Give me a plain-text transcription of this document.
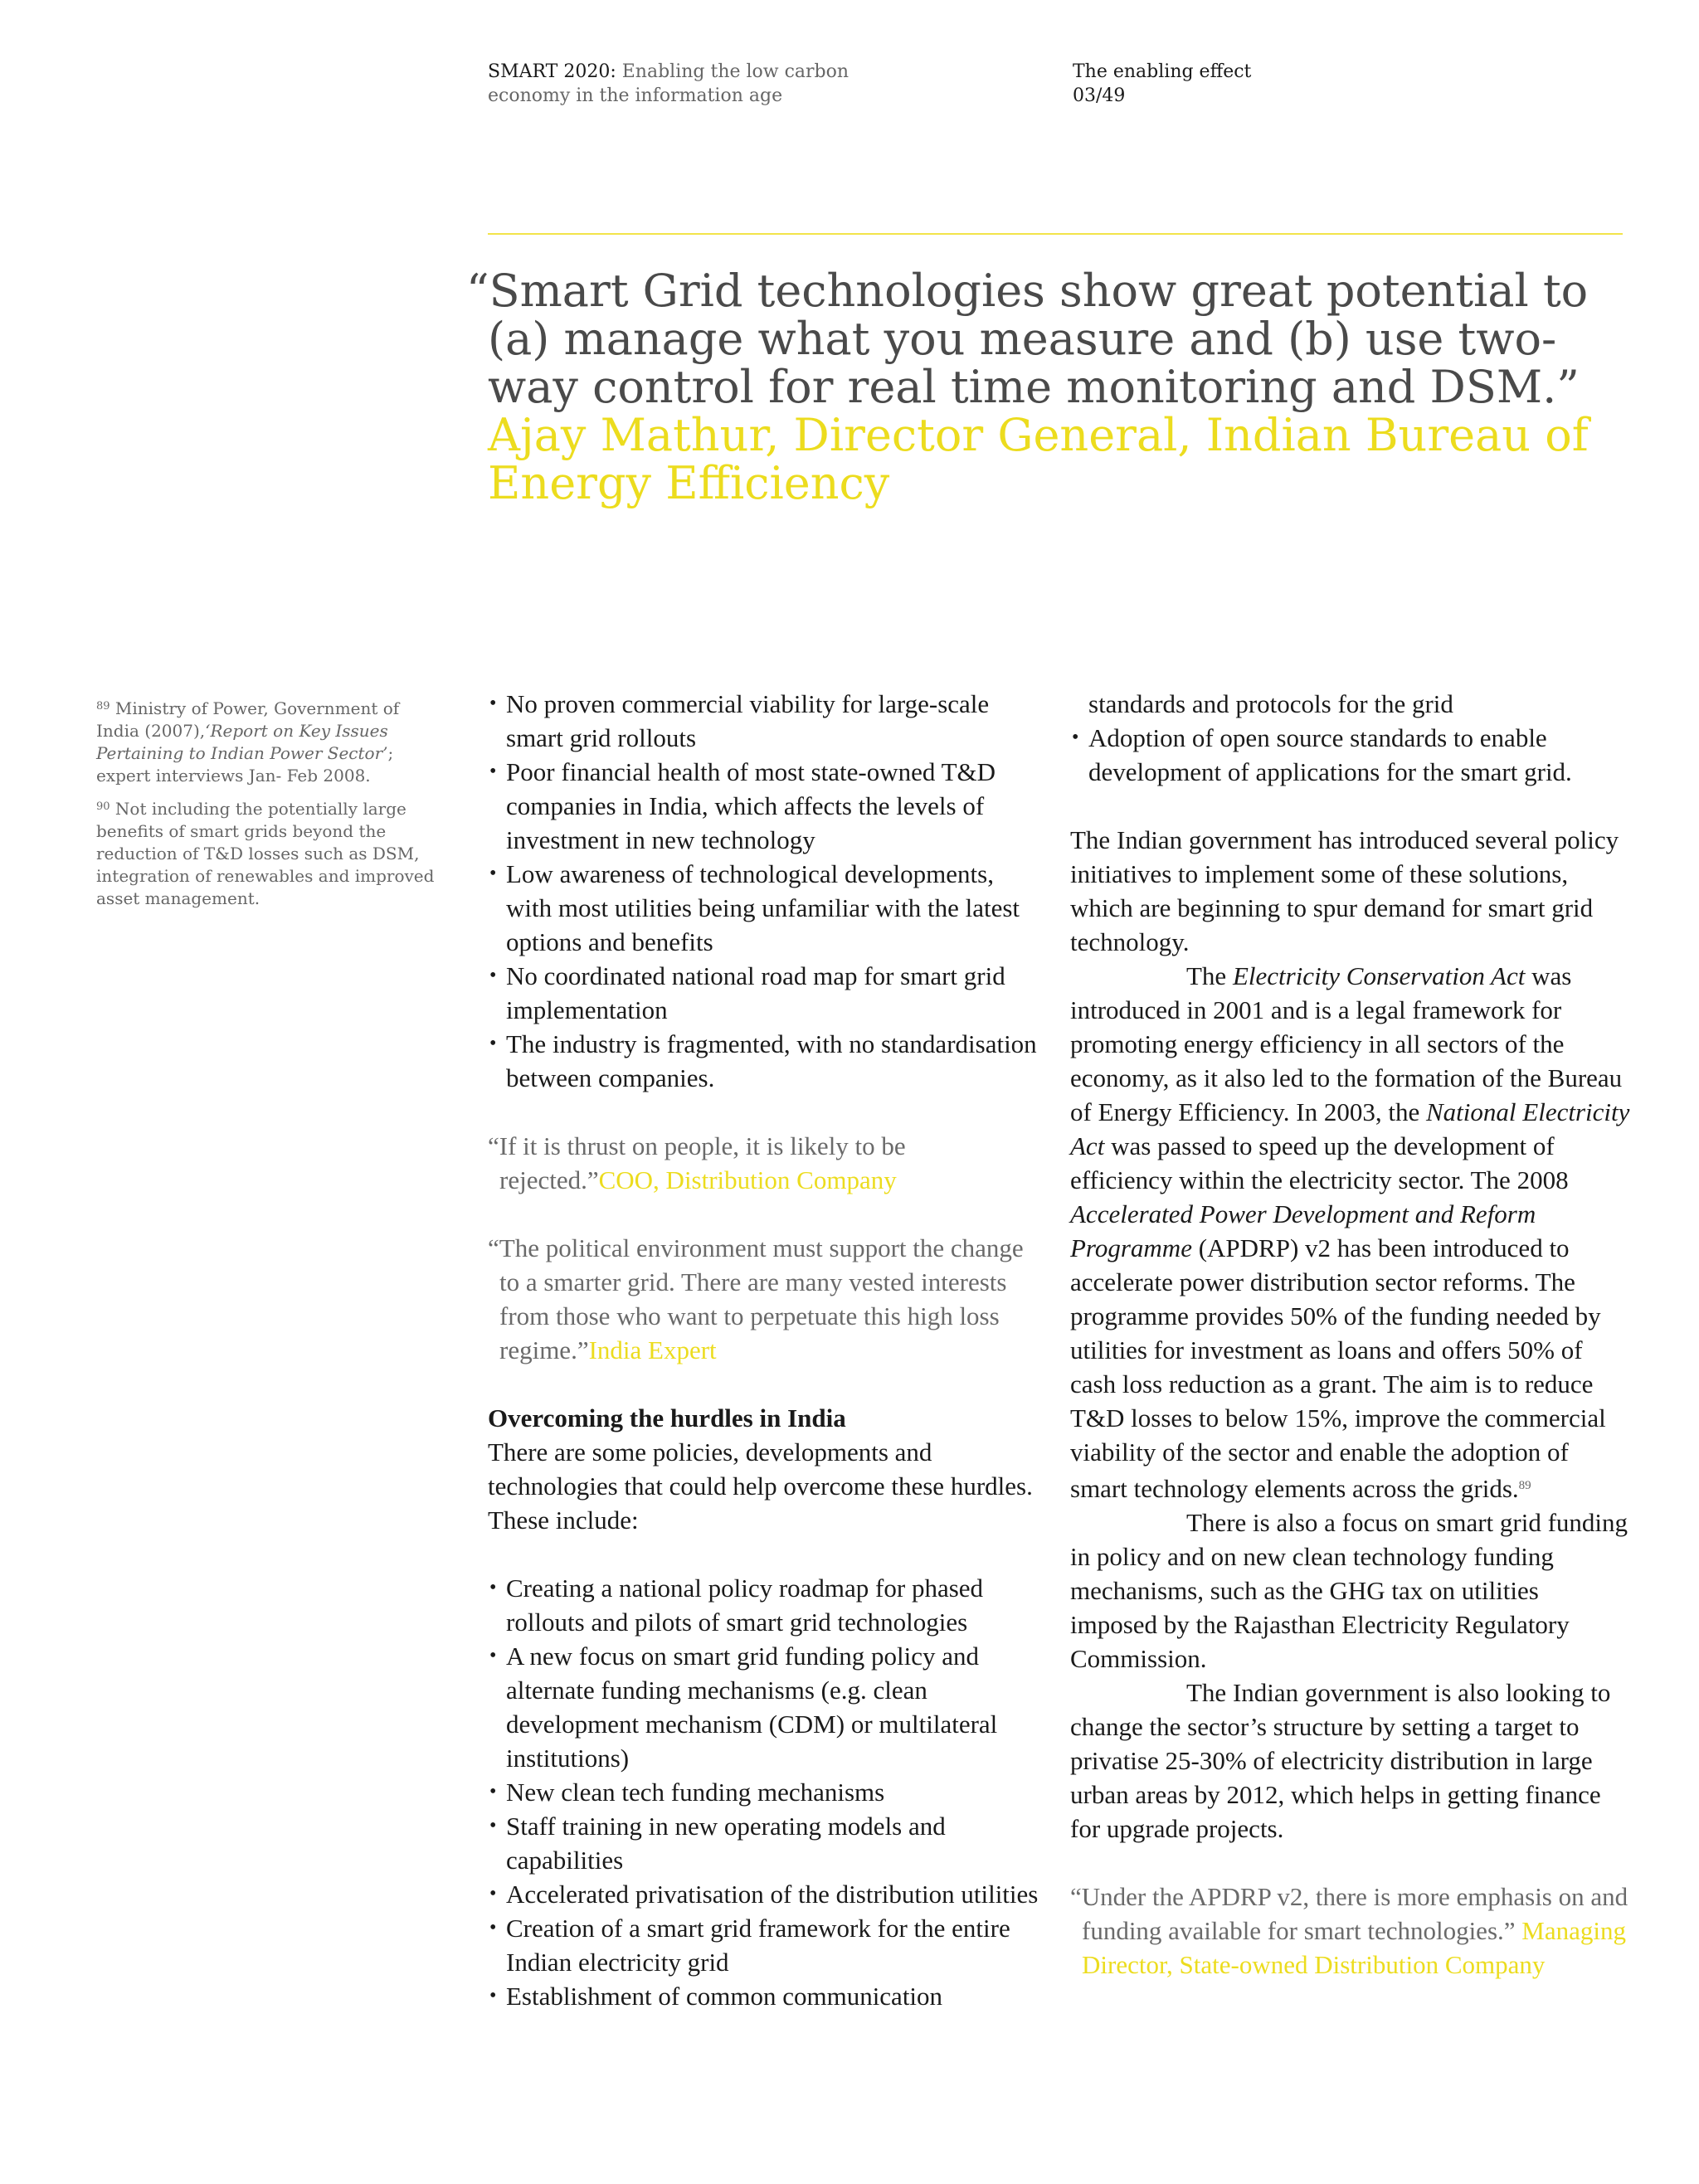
SMART 2020: Enabling the low carbon
economy in the information age
The enabling effect
03/49
“Smart Grid technologies show great potential to (a) manage what you measure and (b) use two-way control for real time monitoring and DSM.” Ajay Mathur, Director General, Indian Bureau of Energy Efficiency

$^{89}$ Ministry of Power, Government of India (2007),‘Report on Key Issues Pertaining to Indian Power Sector’; expert interviews Jan- Feb 2008.

$^{90}$ Not including the potentially large benefits of smart grids beyond the reduction of T&D losses such as DSM, integration of renewables and improved asset management.

• No proven commercial viability for large-scale smart grid rollouts
• Poor financial health of most state-owned T&D companies in India, which affects the levels of investment in new technology
• Low awareness of technological developments, with most utilities being unfamiliar with the latest options and benefits
• No coordinated national road map for smart grid implementation
• The industry is fragmented, with no standardisation between companies.

“If it is thrust on people, it is likely to be rejected.”COO, Distribution Company

“The political environment must support the change to a smarter grid. There are many vested interests from those who want to perpetuate this high loss regime.”India Expert

Overcoming the hurdles in India

There are some policies, developments and technologies that could help overcome these hurdles. These include:

• Creating a national policy roadmap for phased rollouts and pilots of smart grid technologies
• A new focus on smart grid funding policy and alternate funding mechanisms (e.g. clean development mechanism (CDM) or multilateral institutions)
• New clean tech funding mechanisms
• Staff training in new operating models and capabilities
• Accelerated privatisation of the distribution utilities
• Creation of a smart grid framework for the entire Indian electricity grid
• Establishment of common communication

standards and protocols for the grid

• Adoption of open source standards to enable development of applications for the smart grid.

The Indian government has introduced several policy initiatives to implement some of these solutions, which are beginning to spur demand for smart grid technology.

The Electricity Conservation Act was introduced in 2001 and is a legal framework for promoting energy efficiency in all sectors of the economy, as it also led to the formation of the Bureau of Energy Efficiency. In 2003, the National Electricity Act was passed to speed up the development of efficiency within the electricity sector. The 2008 Accelerated Power Development and Reform Programme (APDRP) v2 has been introduced to accelerate power distribution sector reforms. The programme provides 50% of the funding needed by utilities for investment as loans and offers 50% of cash loss reduction as a grant. The aim is to reduce T&D losses to below 15%, improve the commercial viability of the sector and enable the adoption of smart technology elements across the grids.$^{89}$

There is also a focus on smart grid funding in policy and on new clean technology funding mechanisms, such as the GHG tax on utilities imposed by the Rajasthan Electricity Regulatory Commission.

The Indian government is also looking to change the sector’s structure by setting a target to privatise 25-30% of electricity distribution in large urban areas by 2012, which helps in getting finance for upgrade projects.

“Under the APDRP v2, there is more emphasis on and funding available for smart technologies.” Managing Director, State-owned Distribution Company
